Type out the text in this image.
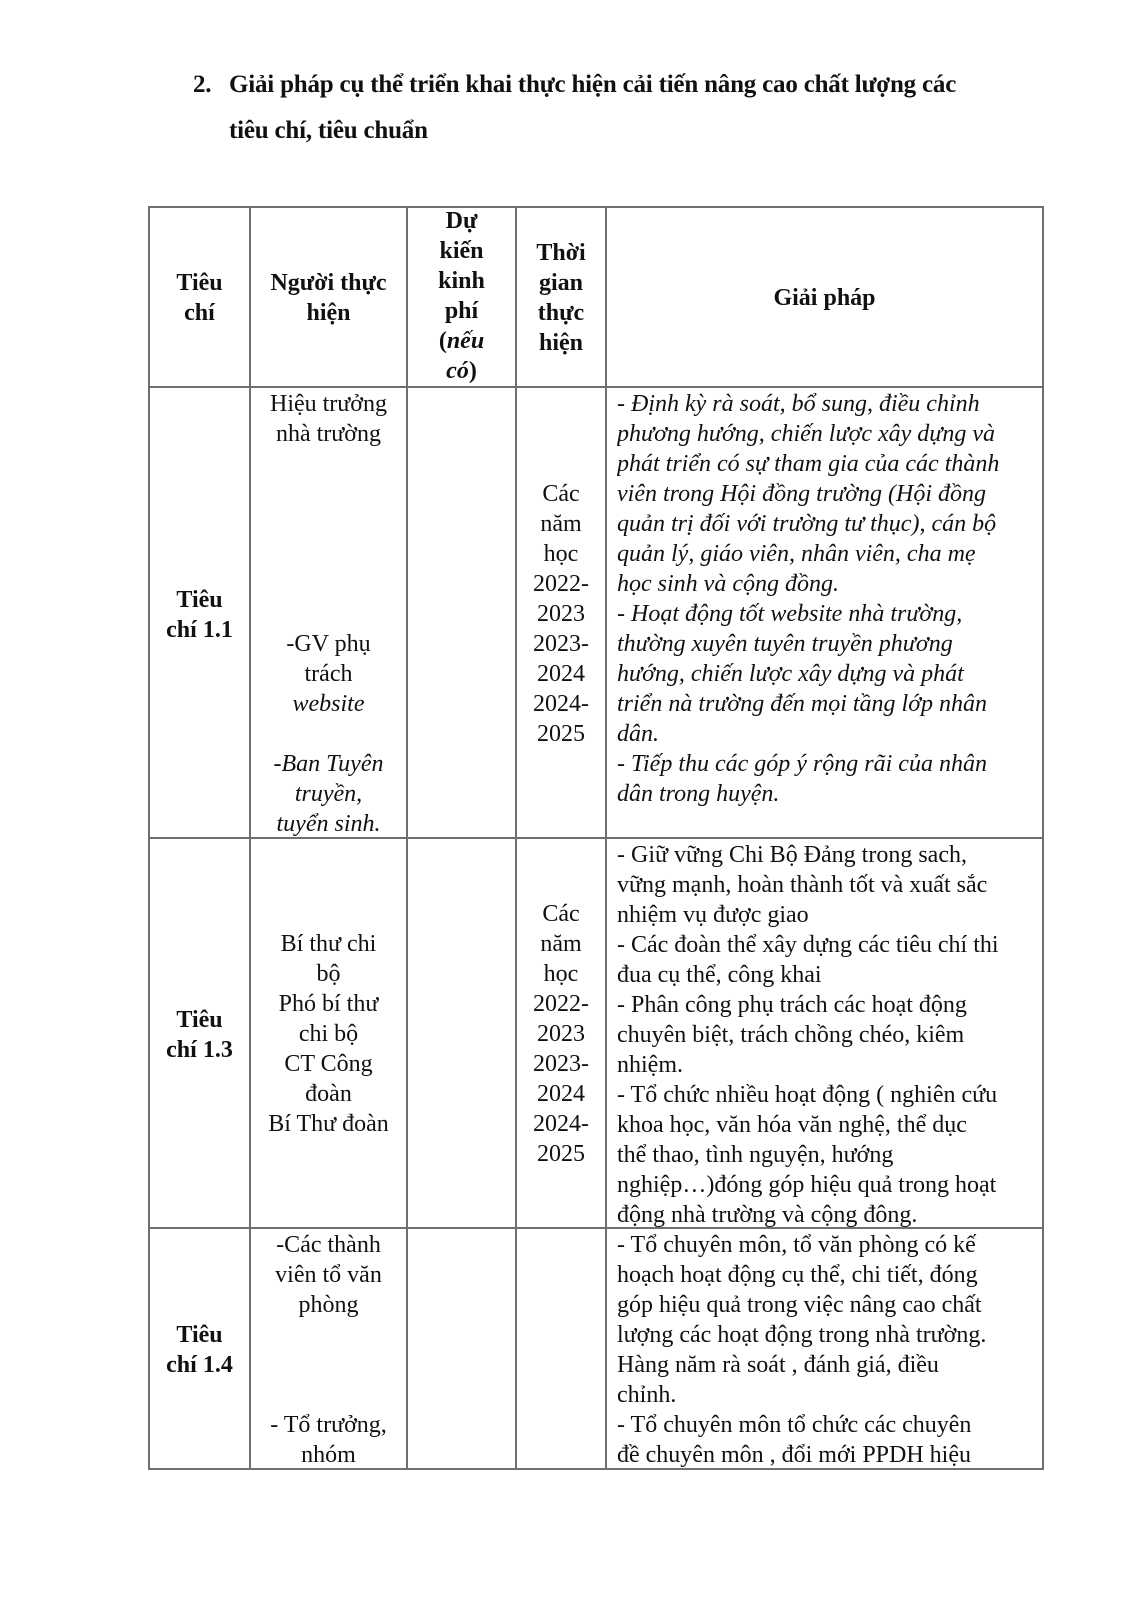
2. Giải pháp cụ thể triển khai thực hiện cải tiến nâng cao chất lượng các
tiêu chí, tiêu chuẩn
Tiêu
chí
Người thực
hiện
Dự
kiến
kinh
phí
(nếu
có)
Thời
gian
thực
hiện
Giải pháp
Tiêu
chí 1.1
Hiệu trưởng
nhà trường
-GV phụ
trách
website
-Ban Tuyên
truyền,
tuyển sinh.
Các
năm
học
2022-
2023
2023-
2024
2024-
2025
- Định kỳ rà soát, bổ sung, điều chỉnh
phương hướng, chiến lược xây dựng và
phát triển có sự tham gia của các thành
viên trong Hội đồng trường (Hội đồng
quản trị đối với trường tư thục), cán bộ
quản lý, giáo viên, nhân viên, cha mẹ
học sinh và cộng đồng.
- Hoạt động tốt website nhà trường,
thường xuyên tuyên truyền phương
hướng, chiến lược xây dựng và phát
triển nà trường đến mọi tầng lớp nhân
dân.
- Tiếp thu các góp ý rộng rãi của nhân
dân trong huyện.
Tiêu
chí 1.3
Bí thư chi
bộ
Phó bí thư
chi bộ
CT Công
đoàn
Bí Thư đoàn
Các
năm
học
2022-
2023
2023-
2024
2024-
2025
- Giữ vững Chi Bộ Đảng trong sach,
vững mạnh, hoàn thành tốt và xuất sắc
nhiệm vụ được giao
- Các đoàn thể xây dựng các tiêu chí thi
đua cụ thể, công khai
- Phân công phụ trách các hoạt động
chuyên biệt, trách chồng chéo, kiêm
nhiệm.
- Tổ chức nhiều hoạt động ( nghiên cứu
khoa học, văn hóa văn nghệ, thể dục
thể thao, tình nguyện, hướng
nghiệp…)đóng góp hiệu quả trong hoạt
động nhà trường và cộng đông.
Tiêu
chí 1.4
-Các thành
viên tổ văn
phòng
- Tổ trưởng,
nhóm
- Tổ chuyên môn, tổ văn phòng có kế
hoạch hoạt động cụ thể, chi tiết, đóng
góp hiệu quả trong việc nâng cao chất
lượng các hoạt động trong nhà trường.
Hàng năm rà soát , đánh giá, điều
chỉnh.
- Tổ chuyên môn tổ chức các chuyên
đề chuyên môn , đổi mới PPDH hiệu
